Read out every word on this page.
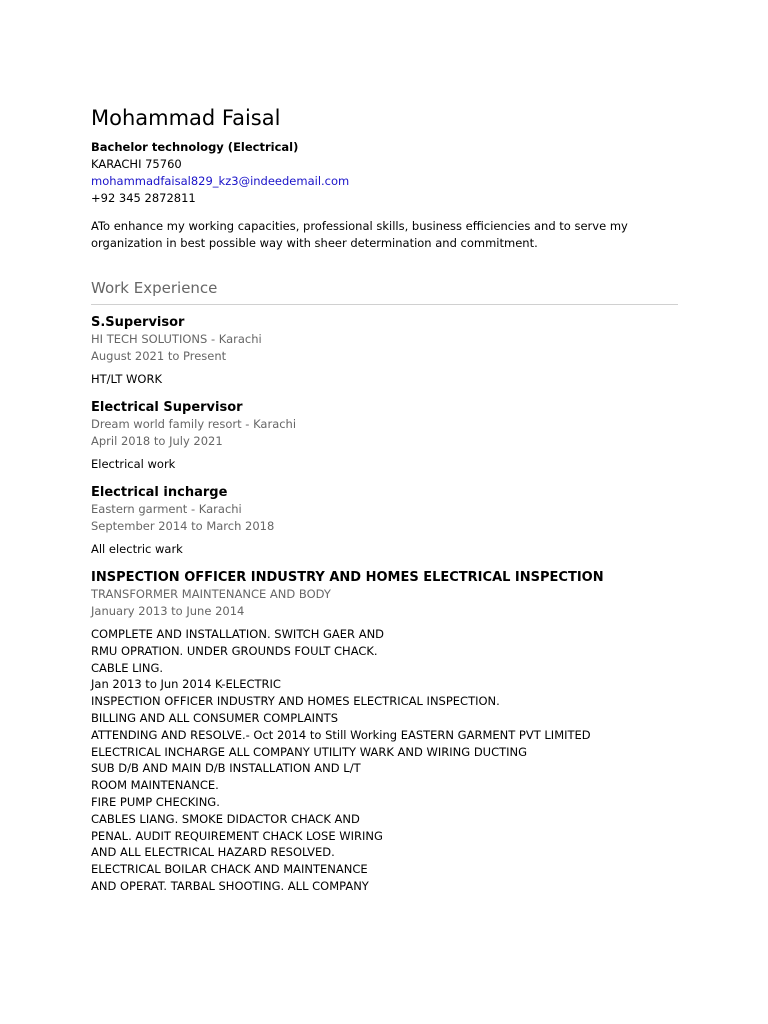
Mohammad Faisal
Bachelor technology (Electrical)
KARACHI 75760
mohammadfaisal829_kz3@indeedemail.com
+92 345 2872811
ATo enhance my working capacities, professional skills, business efficiencies and to serve my organization in best possible way with sheer determination and commitment.
Work Experience
S.Supervisor
HI TECH SOLUTIONS - Karachi
August 2021 to Present
HT/LT WORK
Electrical Supervisor
Dream world family resort - Karachi
April 2018 to July 2021
Electrical work
Electrical incharge
Eastern garment - Karachi
September 2014 to March 2018
All electric wark
INSPECTION OFFICER INDUSTRY AND HOMES ELECTRICAL INSPECTION
TRANSFORMER MAINTENANCE AND BODY
January 2013 to June 2014
COMPLETE AND INSTALLATION. SWITCH GAER AND
RMU OPRATION. UNDER GROUNDS FOULT CHACK.
CABLE LING.
Jan 2013 to Jun 2014 K-ELECTRIC
INSPECTION OFFICER INDUSTRY AND HOMES ELECTRICAL INSPECTION.
BILLING AND ALL CONSUMER COMPLAINTS
ATTENDING AND RESOLVE.- Oct 2014 to Still Working EASTERN GARMENT PVT LIMITED
ELECTRICAL INCHARGE ALL COMPANY UTILITY WARK AND WIRING DUCTING
SUB D/B AND MAIN D/B INSTALLATION AND L/T
ROOM MAINTENANCE.
FIRE PUMP CHECKING.
CABLES LIANG. SMOKE DIDACTOR CHACK AND
PENAL. AUDIT REQUIREMENT CHACK LOSE WIRING
AND ALL ELECTRICAL HAZARD RESOLVED.
ELECTRICAL BOILAR CHACK AND MAINTENANCE
AND OPERAT. TARBAL SHOOTING. ALL COMPANY
